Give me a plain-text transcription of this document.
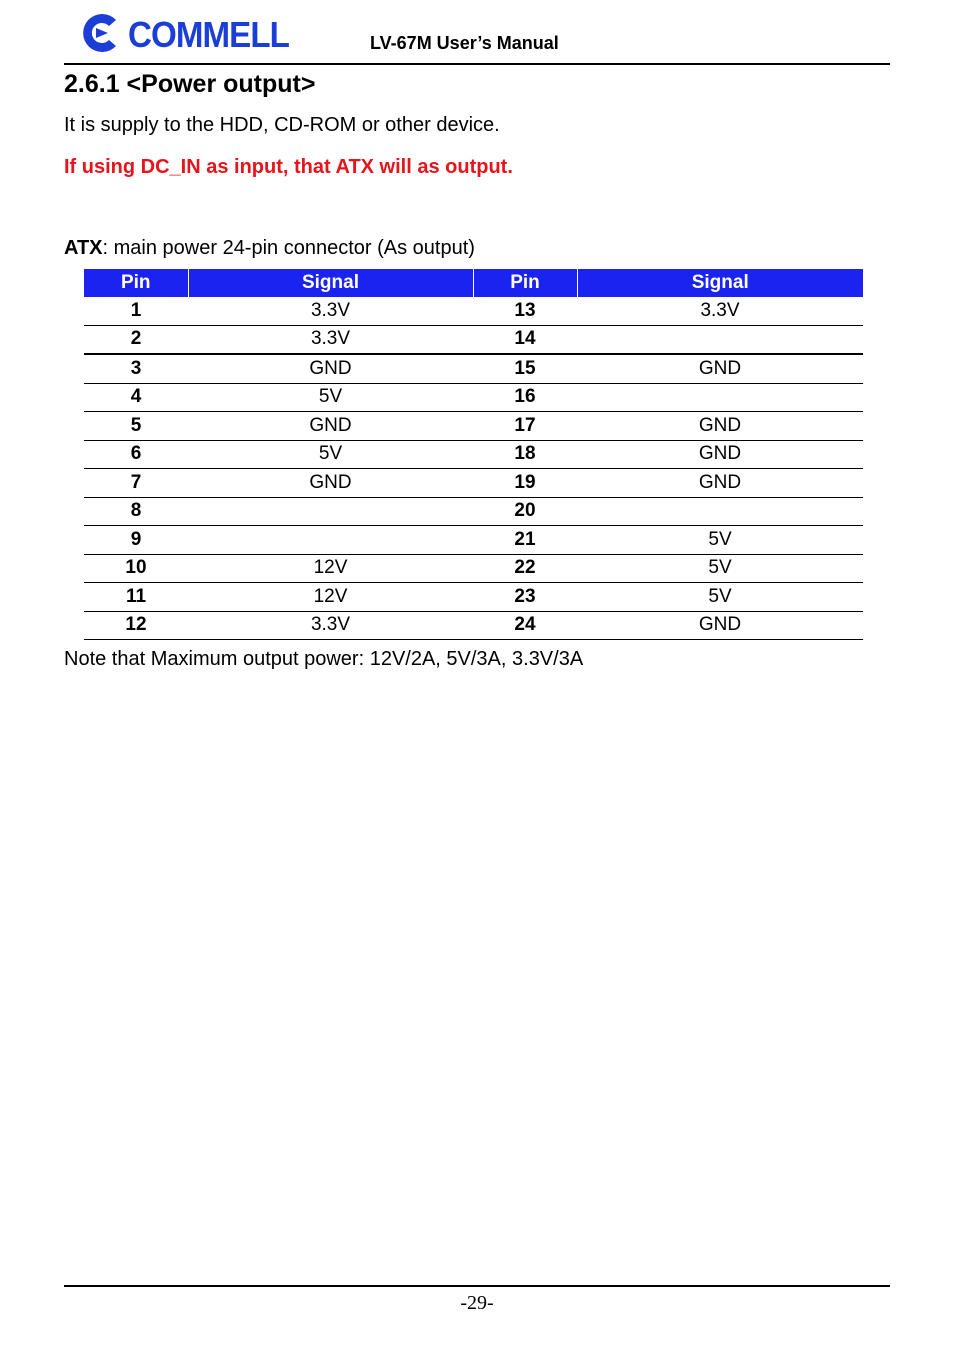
COMMELL	LV-67M User’s Manual
2.6.1 <Power output>
It is supply to the HDD, CD-ROM or other device.
If using DC_IN as input, that ATX will as output.
ATX: main power 24-pin connector (As output)
Pin	Signal	Pin	Signal
1	3.3V	13	3.3V
2	3.3V	14	
3	GND	15	GND
4	5V	16	
5	GND	17	GND
6	5V	18	GND
7	GND	19	GND
8		20	
9		21	5V
10	12V	22	5V
11	12V	23	5V
12	3.3V	24	GND
Note that Maximum output power: 12V/2A, 5V/3A, 3.3V/3A
-29-
